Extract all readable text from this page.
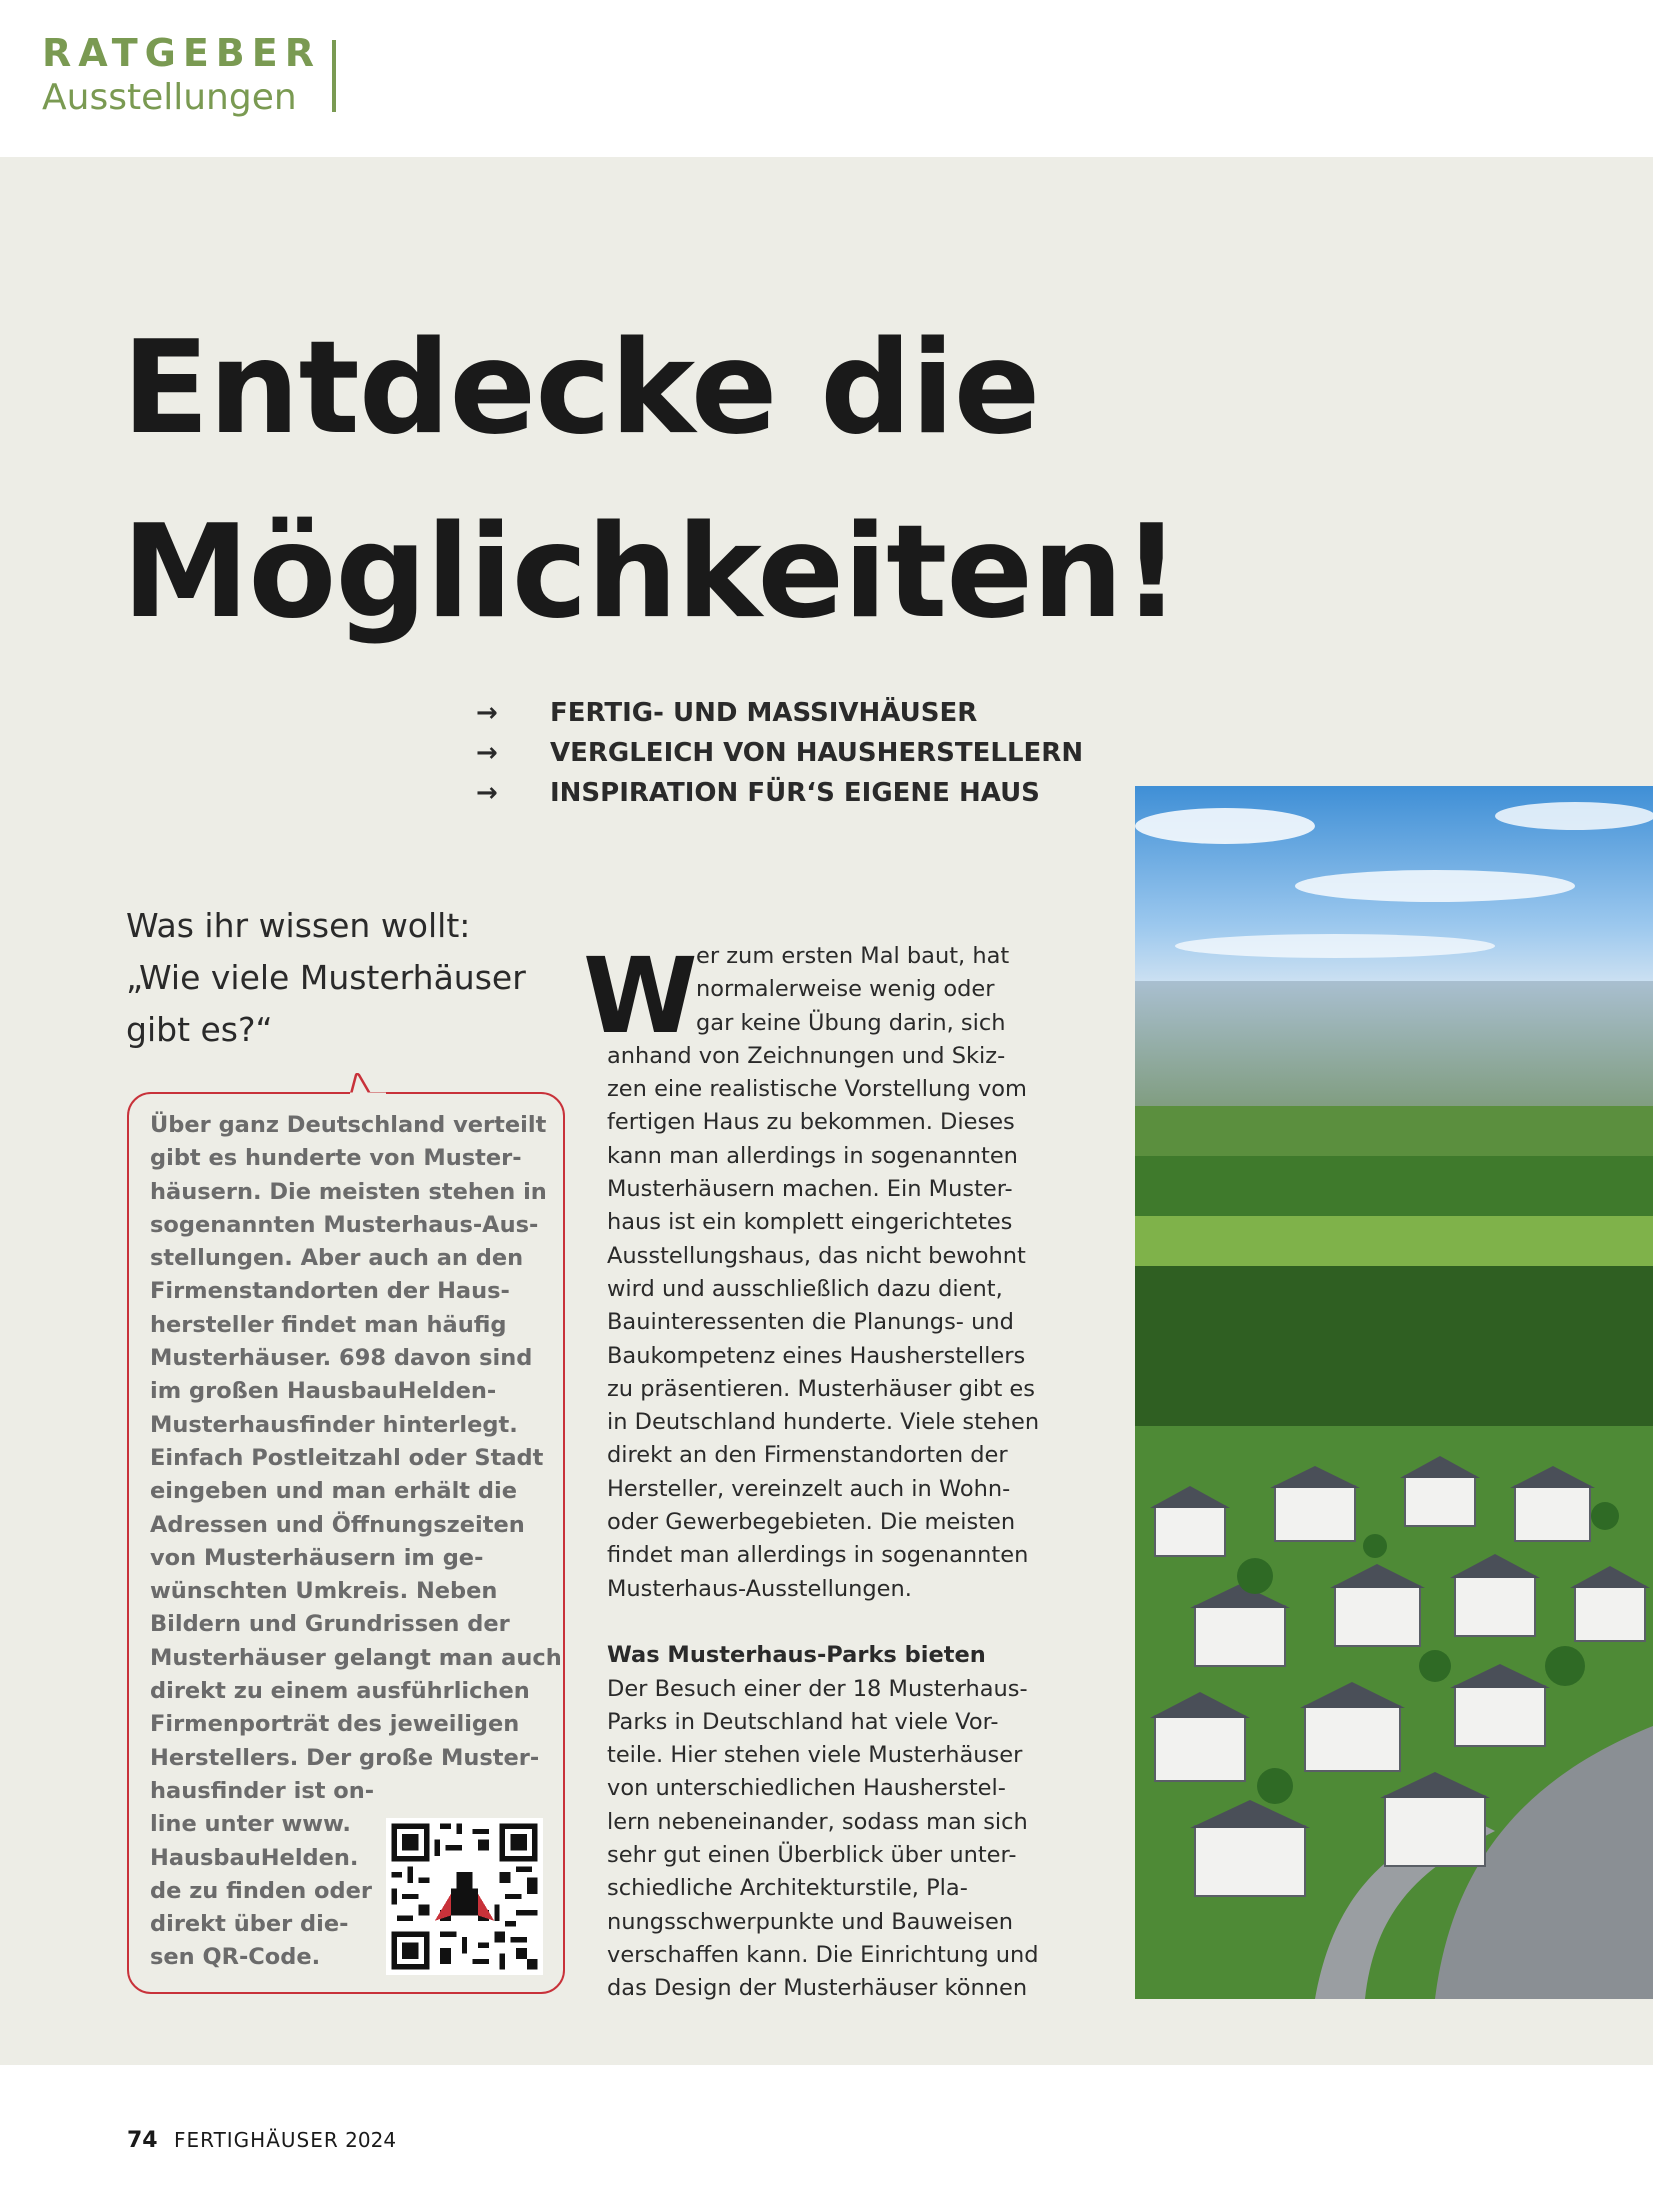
RATGEBER
Ausstellungen
Entdecke die
Möglichkeiten!
→ FERTIG- UND MASSIVHÄUSER
→ VERGLEICH VON HAUSHERSTELLERN
→ INSPIRATION FÜR‘S EIGENE HAUS
Was ihr wissen wollt:
„Wie viele Musterhäuser
gibt es?“
Über ganz Deutschland verteilt
gibt es hunderte von Muster-
häusern. Die meisten stehen in
sogenannten Musterhaus-Aus-
stellungen. Aber auch an den
Firmenstandorten der Haus-
hersteller findet man häufig
Musterhäuser. 698 davon sind
im großen HausbauHelden-
Musterhausfinder hinterlegt.
Einfach Postleitzahl oder Stadt
eingeben und man erhält die
Adressen und Öffnungszeiten
von Musterhäusern im ge-
wünschten Umkreis. Neben
Bildern und Grundrissen der
Musterhäuser gelangt man auch
direkt zu einem ausführlichen
Firmenporträt des jeweiligen
Herstellers. Der große Muster-
hausfinder ist on-
line unter www.
HausbauHelden.
de zu finden oder
direkt über die-
sen QR-Code.
W
er zum ersten Mal baut, hat
normalerweise wenig oder
gar keine Übung darin, sich
anhand von Zeichnungen und Skiz-
zen eine realistische Vorstellung vom
fertigen Haus zu bekommen. Dieses
kann man allerdings in sogenannten
Musterhäusern machen. Ein Muster-
haus ist ein komplett eingerichtetes
Ausstellungshaus, das nicht bewohnt
wird und ausschließlich dazu dient,
Bauinteressenten die Planungs- und
Baukompetenz eines Hausherstellers
zu präsentieren. Musterhäuser gibt es
in Deutschland hunderte. Viele stehen
direkt an den Firmenstandorten der
Hersteller, vereinzelt auch in Wohn-
oder Gewerbegebieten. Die meisten
findet man allerdings in sogenannten
Musterhaus-Ausstellungen.
Was Musterhaus-Parks bieten
Der Besuch einer der 18 Musterhaus-
Parks in Deutschland hat viele Vor-
teile. Hier stehen viele Musterhäuser
von unterschiedlichen Hausherstel-
lern nebeneinander, sodass man sich
sehr gut einen Überblick über unter-
schiedliche Architekturstile, Pla-
nungsschwerpunkte und Bauweisen
verschaffen kann. Die Einrichtung und
das Design der Musterhäuser können
74 FERTIGHÄUSER 2024
